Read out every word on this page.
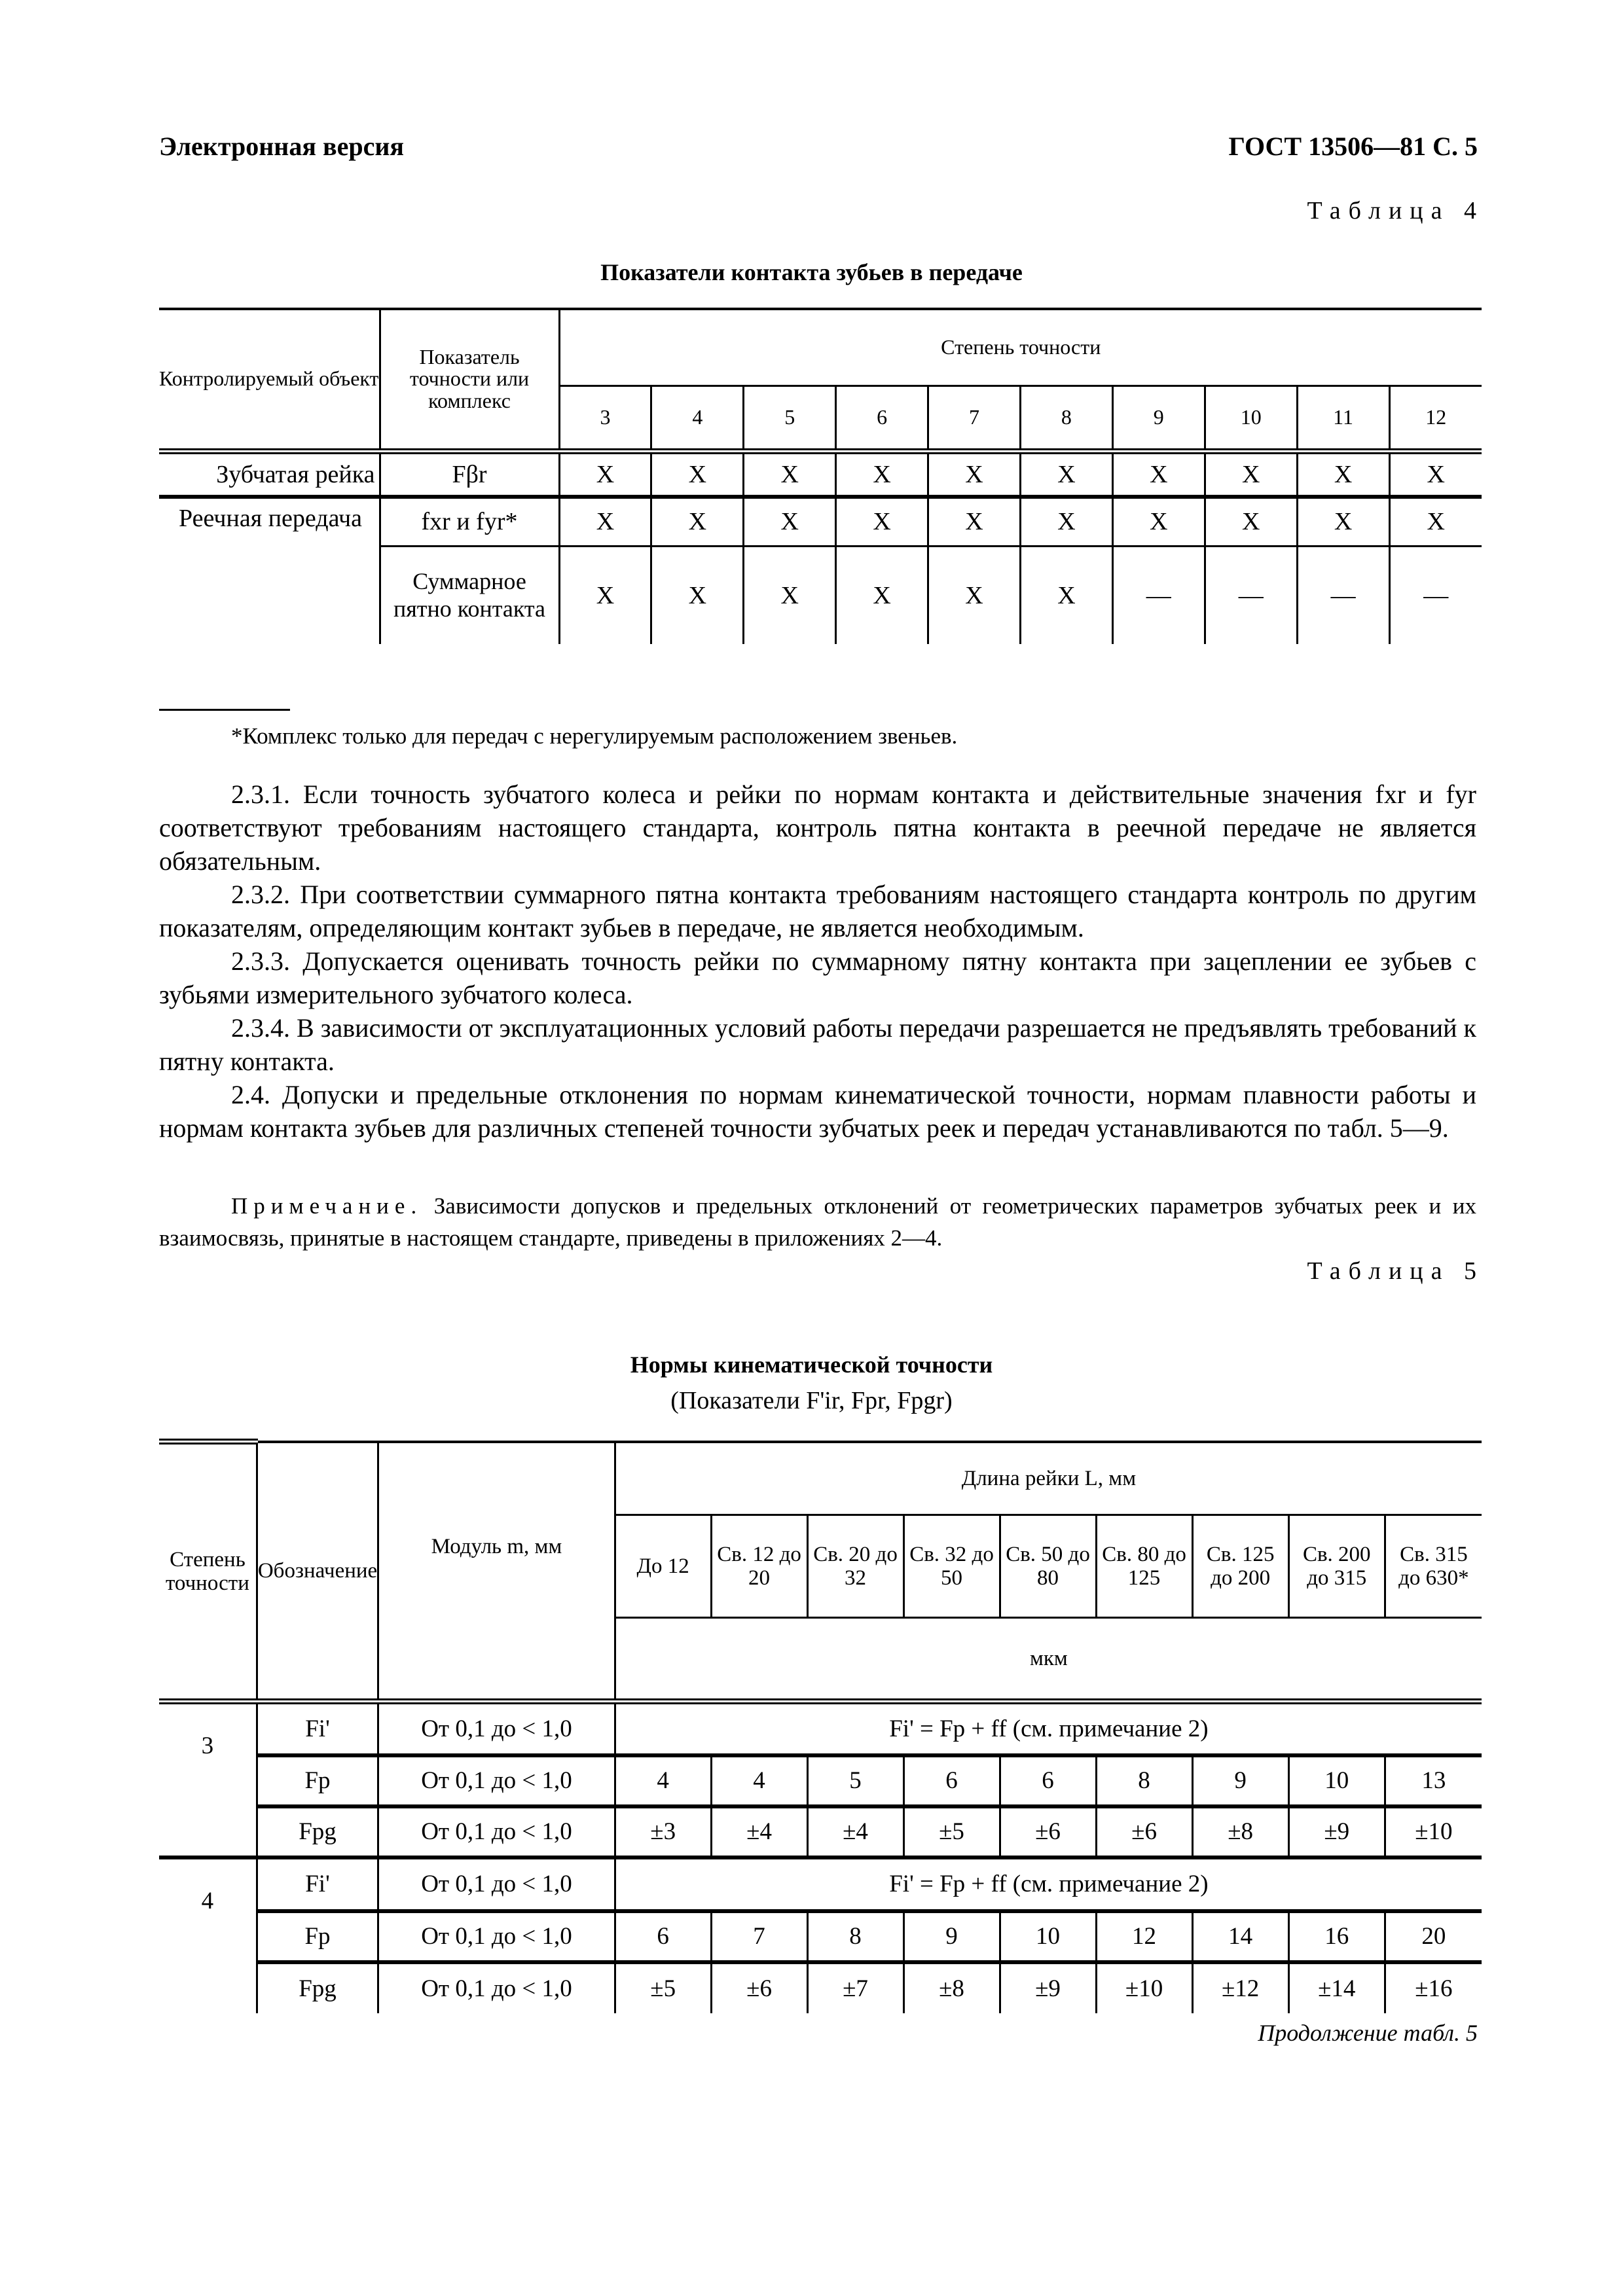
Электронная версия	ГОСТ 13506—81 С. 5
Таблица 4
Показатели контакта зубьев в передаче
Контролируемый объект	Показатель точности или комплекс	Степень точности									
		3	4	5	6	7	8	9	10	11	12
Зубчатая рейка	Fβr	X	X	X	X	X	X	X	X	X	X
Реечная передача	fxr и fyr*	X	X	X	X	X	X	X	X	X	X
	Суммарное пятно контакта	X	X	X	X	X	X	—	—	—	—
*Комплекс только для передач с нерегулируемым расположением звеньев.

2.3.1. Если точность зубчатого колеса и рейки по нормам контакта и действительные значения fxr и fyr соответствуют требованиям настоящего стандарта, контроль пятна контакта в реечной передаче не является обязательным.

2.3.2. При соответствии суммарного пятна контакта требованиям настоящего стандарта контроль по другим показателям, определяющим контакт зубьев в передаче, не является необходимым.

2.3.3. Допускается оценивать точность рейки по суммарному пятну контакта при зацеплении ее зубьев с зубьями измерительного зубчатого колеса.

2.3.4. В зависимости от эксплуатационных условий работы передачи разрешается не предъявлять требований к пятну контакта.

2.4. Допуски и предельные отклонения по нормам кинематической точности, нормам плавности работы и нормам контакта зубьев для различных степеней точности зубчатых реек и передач устанавливаются по табл. 5—9.

Примечание. Зависимости допусков и предельных отклонений от геометрических параметров зубчатых реек и их взаимосвязь, принятые в настоящем стандарте, приведены в приложениях 2—4.

Таблица 5
Нормы кинематической точности
(Показатели F'ir, Fpr, Fpgr)
Степень точности	Обозначение	Модуль m, мм	Длина рейки L, мм								
			До 12	Св. 12 до 20	Св. 20 до 32	Св. 32 до 50	Св. 50 до 80	Св. 80 до 125	Св. 125 до 200	Св. 200 до 315	Св. 315 до 630*
			мкм								
3	Fi'	От 0,1 до < 1,0	Fi' = Fp + ff (см. примечание 2)								
	Fp	От 0,1 до < 1,0	4	4	5	6	6	8	9	10	13
	Fpg	От 0,1 до < 1,0	±3	±4	±4	±5	±6	±6	±8	±9	±10
4	Fi'	От 0,1 до < 1,0	Fi' = Fp + ff (см. примечание 2)								
	Fp	От 0,1 до < 1,0	6	7	8	9	10	12	14	16	20
	Fpg	От 0,1 до < 1,0	±5	±6	±7	±8	±9	±10	±12	±14	±16
Продолжение табл. 5
